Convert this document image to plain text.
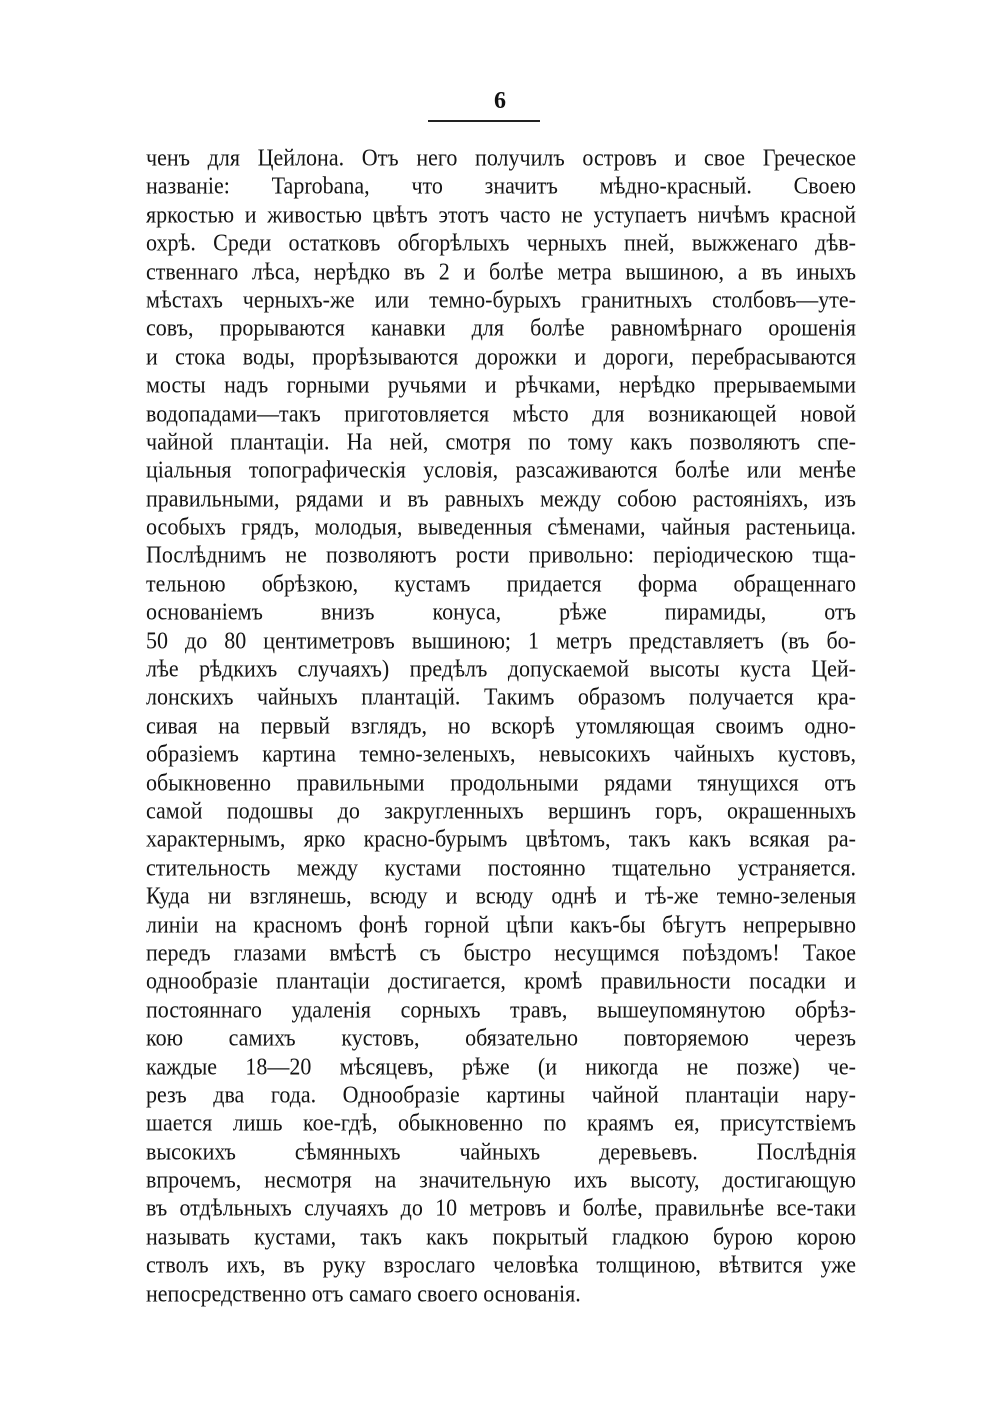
6
ченъ для Цейлона. Отъ него получилъ островъ и свое Греческое
названіе: Taprobana, что значитъ мѣдно-красный. Своею
яркостью и живостью цвѣтъ этотъ часто не уступаетъ ничѣмъ красной
охрѣ. Среди остатковъ обгорѣлыхъ черныхъ пней, выжженаго дѣв-
ственнаго лѣса, нерѣдко въ 2 и болѣе метра вышиною, а въ иныхъ
мѣстахъ черныхъ-же или темно-бурыхъ гранитныхъ столбовъ—уте-
совъ, прорываются канавки для болѣе равномѣрнаго орошенія
и стока воды, прорѣзываются дорожки и дороги, перебрасываются
мосты надъ горными ручьями и рѣчками, нерѣдко прерываемыми
водопадами—такъ приготовляется мѣсто для возникающей новой
чайной плантаціи. На ней, смотря по тому какъ позволяютъ спе-
ціальныя топографическія условія, разсаживаются болѣе или менѣе
правильными, рядами и въ равныхъ между собою растояніяхъ, изъ
особыхъ грядъ, молодыя, выведенныя сѣменами, чайныя растеньица.
Послѣднимъ не позволяютъ рости привольно: періодическою тща-
тельною обрѣзкою, кустамъ придается форма обращеннаго
основаніемъ внизъ конуса, рѣже пирамиды, отъ
50 до 80 центиметровъ вышиною; 1 метръ представляетъ (въ бо-
лѣе рѣдкихъ случаяхъ) предѣлъ допускаемой высоты куста Цей-
лонскихъ чайныхъ плантацій. Такимъ образомъ получается кра-
сивая на первый взглядъ, но вскорѣ утомляющая своимъ одно-
образіемъ картина темно-зеленыхъ, невысокихъ чайныхъ кустовъ,
обыкновенно правильными продольными рядами тянущихся отъ
самой подошвы до закругленныхъ вершинъ горъ, окрашенныхъ
характернымъ, ярко красно-бурымъ цвѣтомъ, такъ какъ всякая ра-
стительность между кустами постоянно тщательно устраняется.
Куда ни взглянешь, всюду и всюду однѣ и тѣ-же темно-зеленыя
линіи на красномъ фонѣ горной цѣпи какъ-бы бѣгутъ непрерывно
передъ глазами вмѣстѣ съ быстро несущимся поѣздомъ! Такое
однообразіе плантаціи достигается, кромѣ правильности посадки и
постояннаго удаленія сорныхъ травъ, вышеупомянутою обрѣз-
кою самихъ кустовъ, обязательно повторяемою черезъ
каждые 18—20 мѣсяцевъ, рѣже (и никогда не позже) че-
резъ два года. Однообразіе картины чайной плантаціи нару-
шается лишь кое-гдѣ, обыкновенно по краямъ ея, присутствіемъ
высокихъ сѣмянныхъ чайныхъ деревьевъ. Послѣднія
впрочемъ, несмотря на значительную ихъ высоту, достигающую
въ отдѣльныхъ случаяхъ до 10 метровъ и болѣе, правильнѣе все-таки
называть кустами, такъ какъ покрытый гладкою бурою корою
стволъ ихъ, въ руку взрослаго человѣка толщиною, вѣтвится уже
непосредственно отъ самаго своего основанія.
